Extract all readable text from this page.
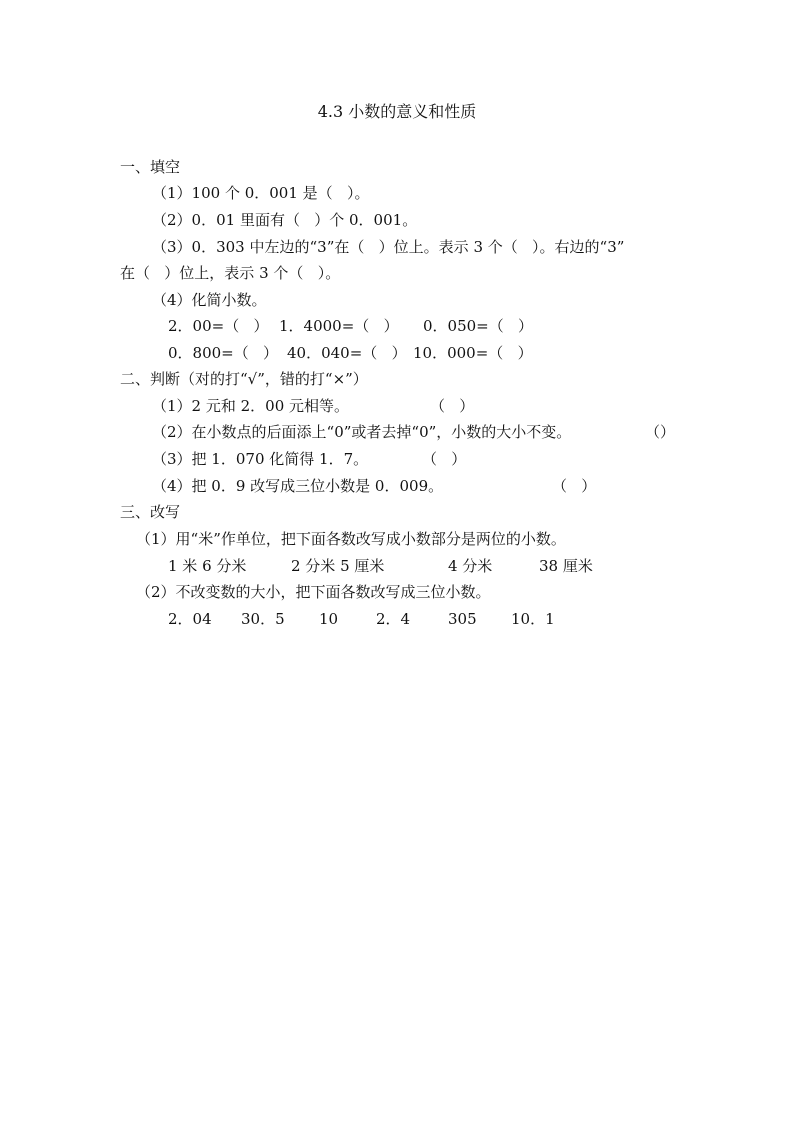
4.3 小数的意义和性质
一、填空
（1）100 个 0．001 是（   ）。
（2）0．01 里面有（   ）个 0．001。
（3）0．303 中左边的“3”在（   ）位上。表示 3 个（   ）。右边的“3”
在（   ）位上，表示 3 个（   ）。
（4）化简小数。
2．00=（   ） 1．4000=（   ） 0．050=（   ）
0．800=（   ） 40．040=（   ） 10．000=（   ）
二、判断（对的打“√”，错的打“×”）
（1）2 元和 2．00 元相等。	（   ）
（2）在小数点的后面添上“0”或者去掉“0”，小数的大小不变。	（）
（3）把 1．070 化简得 1．7。	（   ）
（4）把 0．9 改写成三位小数是 0．009。	（   ）
三、改写
（1）用“米”作单位，把下面各数改写成小数部分是两位的小数。
1 米 6 分米	2 分米 5 厘米	4 分米	38 厘米
（2）不改变数的大小，把下面各数改写成三位小数。
2．04 30．5 10	2．4	305 10．1
